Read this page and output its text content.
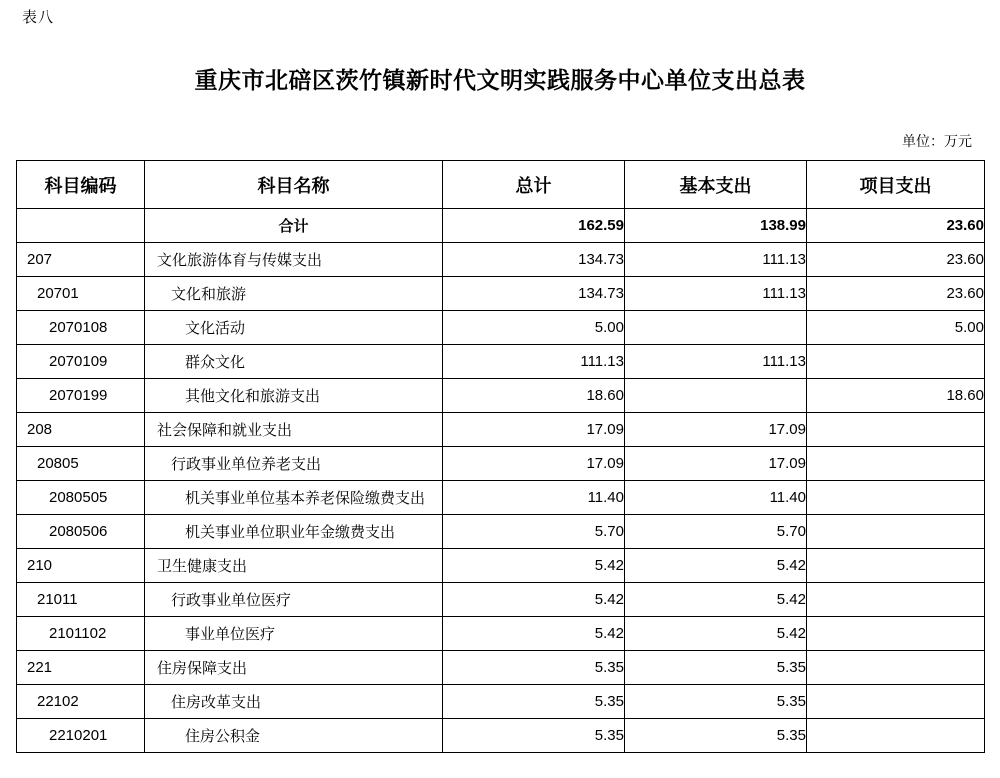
表八
重庆市北碚区茨竹镇新时代文明实践服务中心单位支出总表
单位：万元
科目编码	科目名称	总计	基本支出	项目支出
	合计	162.59	138.99	23.60
207	文化旅游体育与传媒支出	134.73	111.13	23.60
20701	文化和旅游	134.73	111.13	23.60
2070108	文化活动	5.00		5.00
2070109	群众文化	111.13	111.13	
2070199	其他文化和旅游支出	18.60		18.60
208	社会保障和就业支出	17.09	17.09	
20805	行政事业单位养老支出	17.09	17.09	
2080505	机关事业单位基本养老保险缴费支出	11.40	11.40	
2080506	机关事业单位职业年金缴费支出	5.70	5.70	
210	卫生健康支出	5.42	5.42	
21011	行政事业单位医疗	5.42	5.42	
2101102	事业单位医疗	5.42	5.42	
221	住房保障支出	5.35	5.35	
22102	住房改革支出	5.35	5.35	
2210201	住房公积金	5.35	5.35	
